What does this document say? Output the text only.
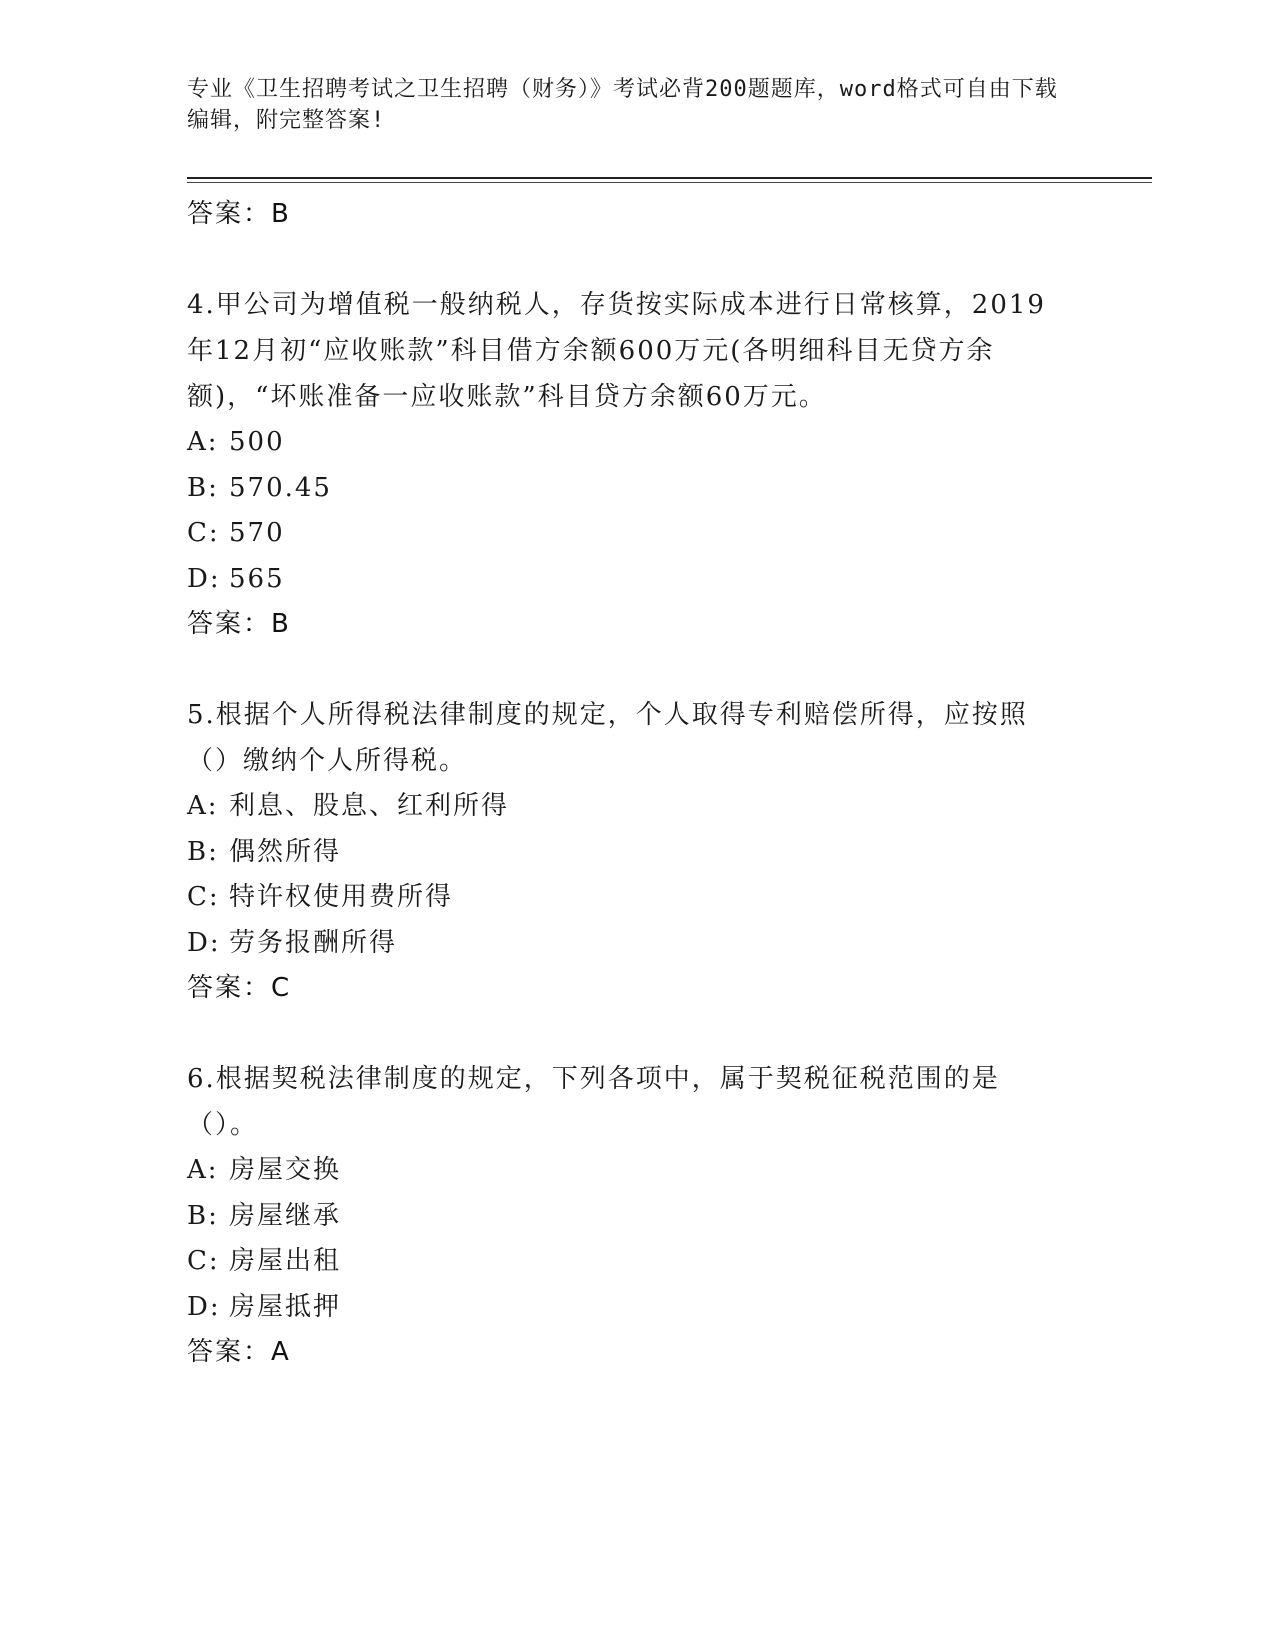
专业《卫生招聘考试之卫生招聘（财务）》考试必背200题题库，word格式可自由下载编辑，附完整答案!

答案：B

4.甲公司为增值税一般纳税人，存货按实际成本进行日常核算，2019年12月初“应收账款”科目借方余额600万元(各明细科目无贷方余额)，“坏账准备一应收账款”科目贷方余额60万元。

A: 500
B: 570.45
C: 570
D: 565

答案：B

5.根据个人所得税法律制度的规定，个人取得专利赔偿所得，应按照（）缴纳个人所得税。

A: 利息、股息、红利所得
B: 偶然所得
C: 特许权使用费所得
D: 劳务报酬所得

答案：C

6.根据契税法律制度的规定，下列各项中，属于契税征税范围的是（）。

A: 房屋交换
B: 房屋继承
C: 房屋出租
D: 房屋抵押

答案：A
